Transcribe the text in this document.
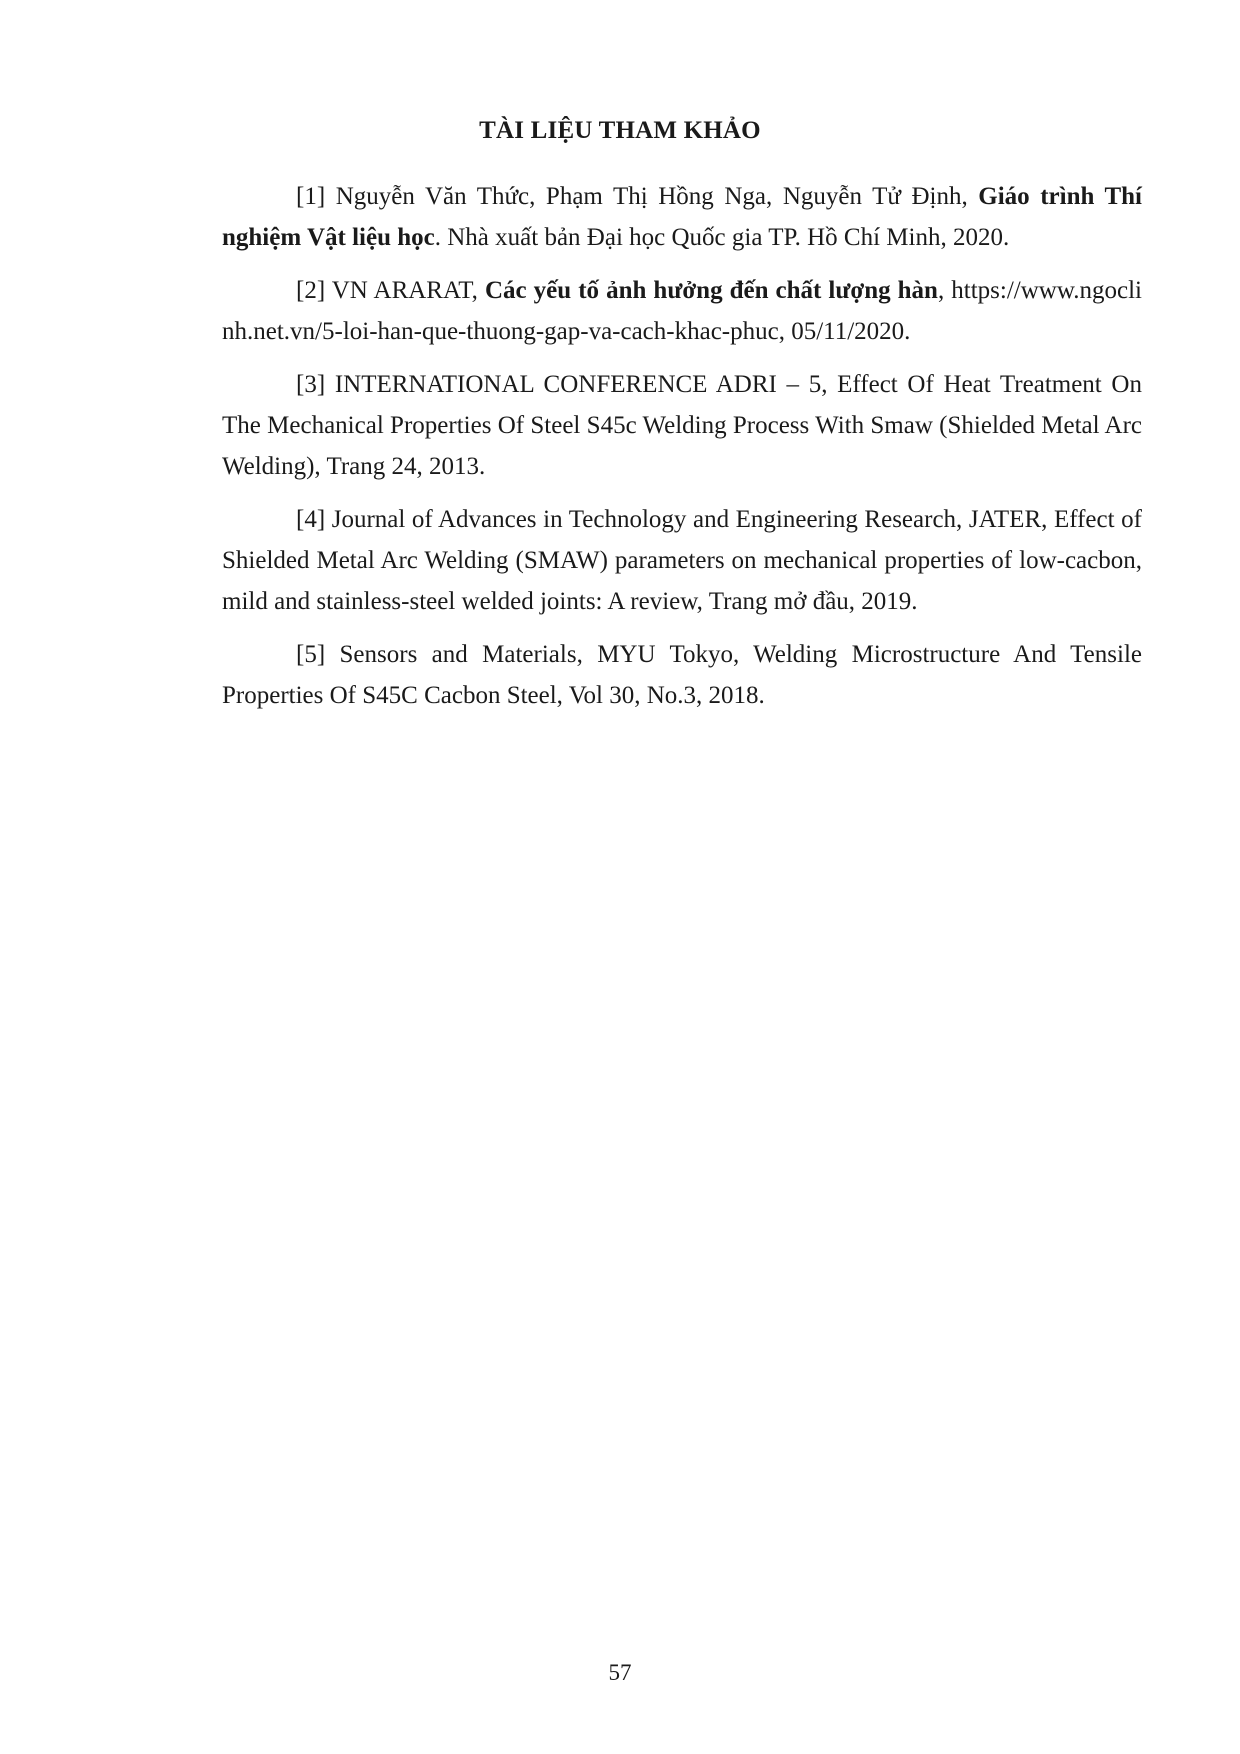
TÀI LIỆU THAM KHẢO

[1] Nguyễn Văn Thức, Phạm Thị Hồng Nga, Nguyễn Tử Định, Giáo trình Thí nghiệm Vật liệu học. Nhà xuất bản Đại học Quốc gia TP. Hồ Chí Minh, 2020.

[2] VN ARARAT, Các yếu tố ảnh hưởng đến chất lượng hàn, https://www.ngoclinh.net.vn/5-loi-han-que-thuong-gap-va-cach-khac-phuc, 05/11/2020.

[3] INTERNATIONAL CONFERENCE ADRI – 5, Effect Of Heat Treatment On The Mechanical Properties Of Steel S45c Welding Process With Smaw (Shielded Metal Arc Welding), Trang 24, 2013.

[4] Journal of Advances in Technology and Engineering Research, JATER, Effect of Shielded Metal Arc Welding (SMAW) parameters on mechanical properties of low-cacbon, mild and stainless-steel welded joints: A review, Trang mở đầu, 2019.

[5] Sensors and Materials, MYU Tokyo, Welding Microstructure And Tensile Properties Of S45C Cacbon Steel, Vol 30, No.3, 2018.

57
